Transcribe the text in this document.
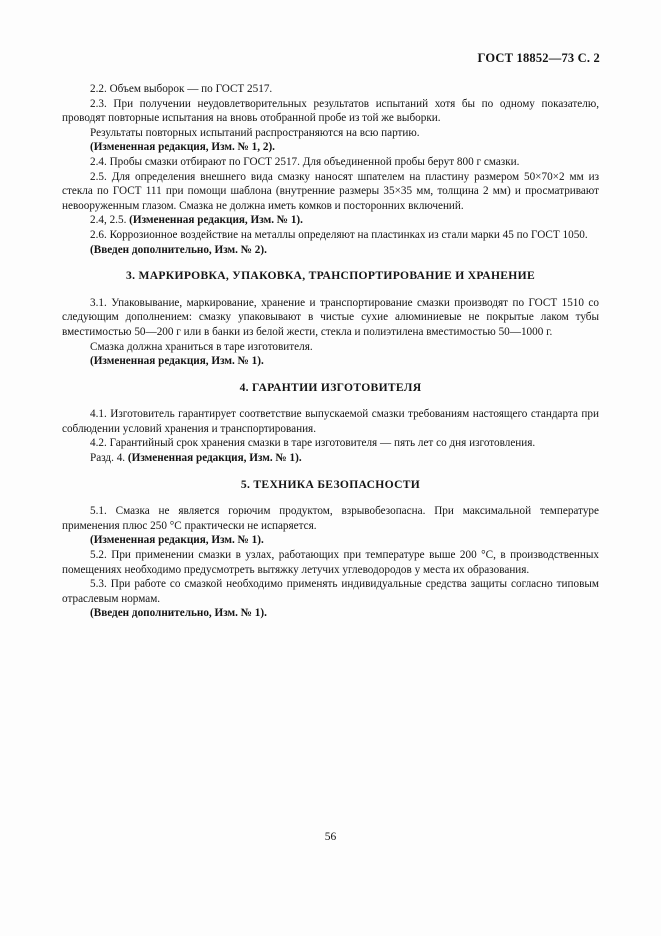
ГОСТ 18852—73 С. 2

2.2. Объем выборок — по ГОСТ 2517.

2.3. При получении неудовлетворительных результатов испытаний хотя бы по одному показателю, проводят повторные испытания на вновь отобранной пробе из той же выборки.

Результаты повторных испытаний распространяются на всю партию.

(Измененная редакция, Изм. № 1, 2).

2.4. Пробы смазки отбирают по ГОСТ 2517. Для объединенной пробы берут 800 г смазки.

2.5. Для определения внешнего вида смазку наносят шпателем на пластину размером 50×70×2 мм из стекла по ГОСТ 111 при помощи шаблона (внутренние размеры 35×35 мм, толщина 2 мм) и просматривают невооруженным глазом. Смазка не должна иметь комков и посторонних включений.

2.4, 2.5. (Измененная редакция, Изм. № 1).

2.6. Коррозионное воздействие на металлы определяют на пластинках из стали марки 45 по ГОСТ 1050.

(Введен дополнительно, Изм. № 2).

3. МАРКИРОВКА, УПАКОВКА, ТРАНСПОРТИРОВАНИЕ И ХРАНЕНИЕ

3.1. Упаковывание, маркирование, хранение и транспортирование смазки производят по ГОСТ 1510 со следующим дополнением: смазку упаковывают в чистые сухие алюминиевые не покрытые лаком тубы вместимостью 50—200 г или в банки из белой жести, стекла и полиэтилена вместимостью 50—1000 г.

Смазка должна храниться в таре изготовителя.

(Измененная редакция, Изм. № 1).

4. ГАРАНТИИ ИЗГОТОВИТЕЛЯ

4.1. Изготовитель гарантирует соответствие выпускаемой смазки требованиям настоящего стандарта при соблюдении условий хранения и транспортирования.

4.2. Гарантийный срок хранения смазки в таре изготовителя — пять лет со дня изготовления.

Разд. 4. (Измененная редакция, Изм. № 1).

5. ТЕХНИКА БЕЗОПАСНОСТИ

5.1. Смазка не является горючим продуктом, взрывобезопасна. При максимальной температуре применения плюс 250 °С практически не испаряется.

(Измененная редакция, Изм. № 1).

5.2. При применении смазки в узлах, работающих при температуре выше 200 °С, в производственных помещениях необходимо предусмотреть вытяжку летучих углеводородов у места их образования.

5.3. При работе со смазкой необходимо применять индивидуальные средства защиты согласно типовым отраслевым нормам.

(Введен дополнительно, Изм. № 1).

56
